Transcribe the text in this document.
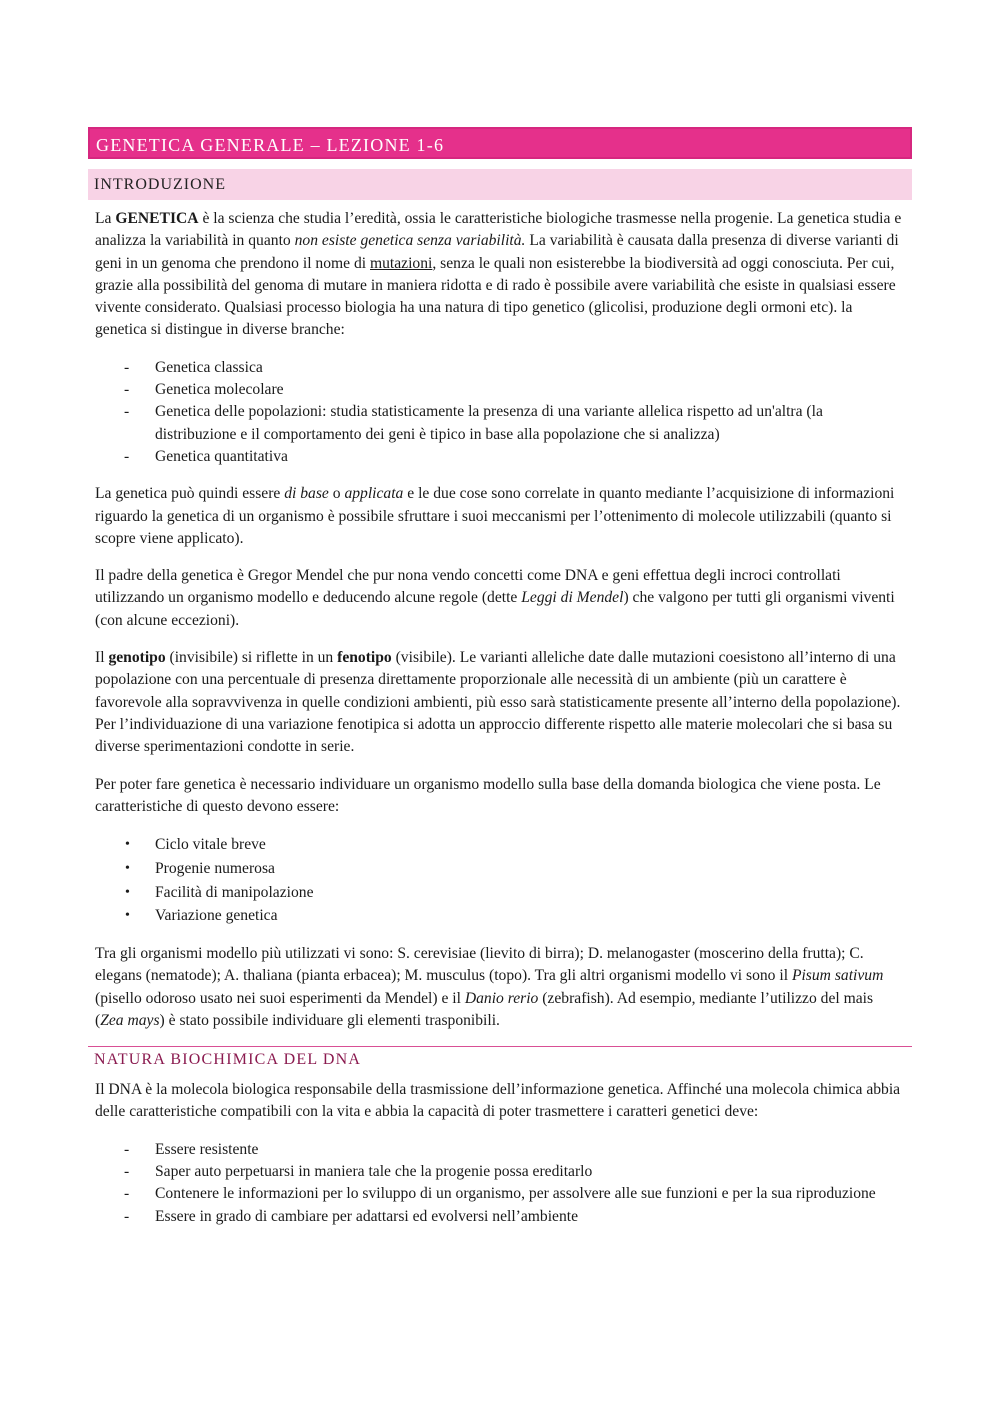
GENETICA GENERALE – LEZIONE 1-6
INTRODUZIONE

La GENETICA è la scienza che studia l’eredità, ossia le caratteristiche biologiche trasmesse nella progenie. La genetica studia e analizza la variabilità in quanto non esiste genetica senza variabilità. La variabilità è causata dalla presenza di diverse varianti di geni in un genoma che prendono il nome di mutazioni, senza le quali non esisterebbe la biodiversità ad oggi conosciuta. Per cui, grazie alla possibilità del genoma di mutare in maniera ridotta e di rado è possibile avere variabilità che esiste in qualsiasi essere vivente considerato. Qualsiasi processo biologia ha una natura di tipo genetico (glicolisi, produzione degli ormoni etc). la genetica si distingue in diverse branche:

- Genetica classica
- Genetica molecolare
- Genetica delle popolazioni: studia statisticamente la presenza di una variante allelica rispetto ad un'altra (la distribuzione e il comportamento dei geni è tipico in base alla popolazione che si analizza)
- Genetica quantitativa

La genetica può quindi essere di base o applicata e le due cose sono correlate in quanto mediante l’acquisizione di informazioni riguardo la genetica di un organismo è possibile sfruttare i suoi meccanismi per l’ottenimento di molecole utilizzabili (quanto si scopre viene applicato).

Il padre della genetica è Gregor Mendel che pur nona vendo concetti come DNA e geni effettua degli incroci controllati utilizzando un organismo modello e deducendo alcune regole (dette Leggi di Mendel) che valgono per tutti gli organismi viventi (con alcune eccezioni).

Il genotipo (invisibile) si riflette in un fenotipo (visibile). Le varianti alleliche date dalle mutazioni coesistono all’interno di una popolazione con una percentuale di presenza direttamente proporzionale alle necessità di un ambiente (più un carattere è favorevole alla sopravvivenza in quelle condizioni ambienti, più esso sarà statisticamente presente all’interno della popolazione). Per l’individuazione di una variazione fenotipica si adotta un approccio differente rispetto alle materie molecolari che si basa su diverse sperimentazioni condotte in serie.

Per poter fare genetica è necessario individuare un organismo modello sulla base della domanda biologica che viene posta. Le caratteristiche di questo devono essere:

• Ciclo vitale breve
• Progenie numerosa
• Facilità di manipolazione
• Variazione genetica

Tra gli organismi modello più utilizzati vi sono: S. cerevisiae (lievito di birra); D. melanogaster (moscerino della frutta); C. elegans (nematode); A. thaliana (pianta erbacea); M. musculus (topo). Tra gli altri organismi modello vi sono il Pisum sativum (pisello odoroso usato nei suoi esperimenti da Mendel) e il Danio rerio (zebrafish). Ad esempio, mediante l’utilizzo del mais (Zea mays) è stato possibile individuare gli elementi trasponibili.

NATURA BIOCHIMICA DEL DNA

Il DNA è la molecola biologica responsabile della trasmissione dell’informazione genetica. Affinché una molecola chimica abbia delle caratteristiche compatibili con la vita e abbia la capacità di poter trasmettere i caratteri genetici deve:

- Essere resistente
- Saper auto perpetuarsi in maniera tale che la progenie possa ereditarlo
- Contenere le informazioni per lo sviluppo di un organismo, per assolvere alle sue funzioni e per la sua riproduzione
- Essere in grado di cambiare per adattarsi ed evolversi nell’ambiente
